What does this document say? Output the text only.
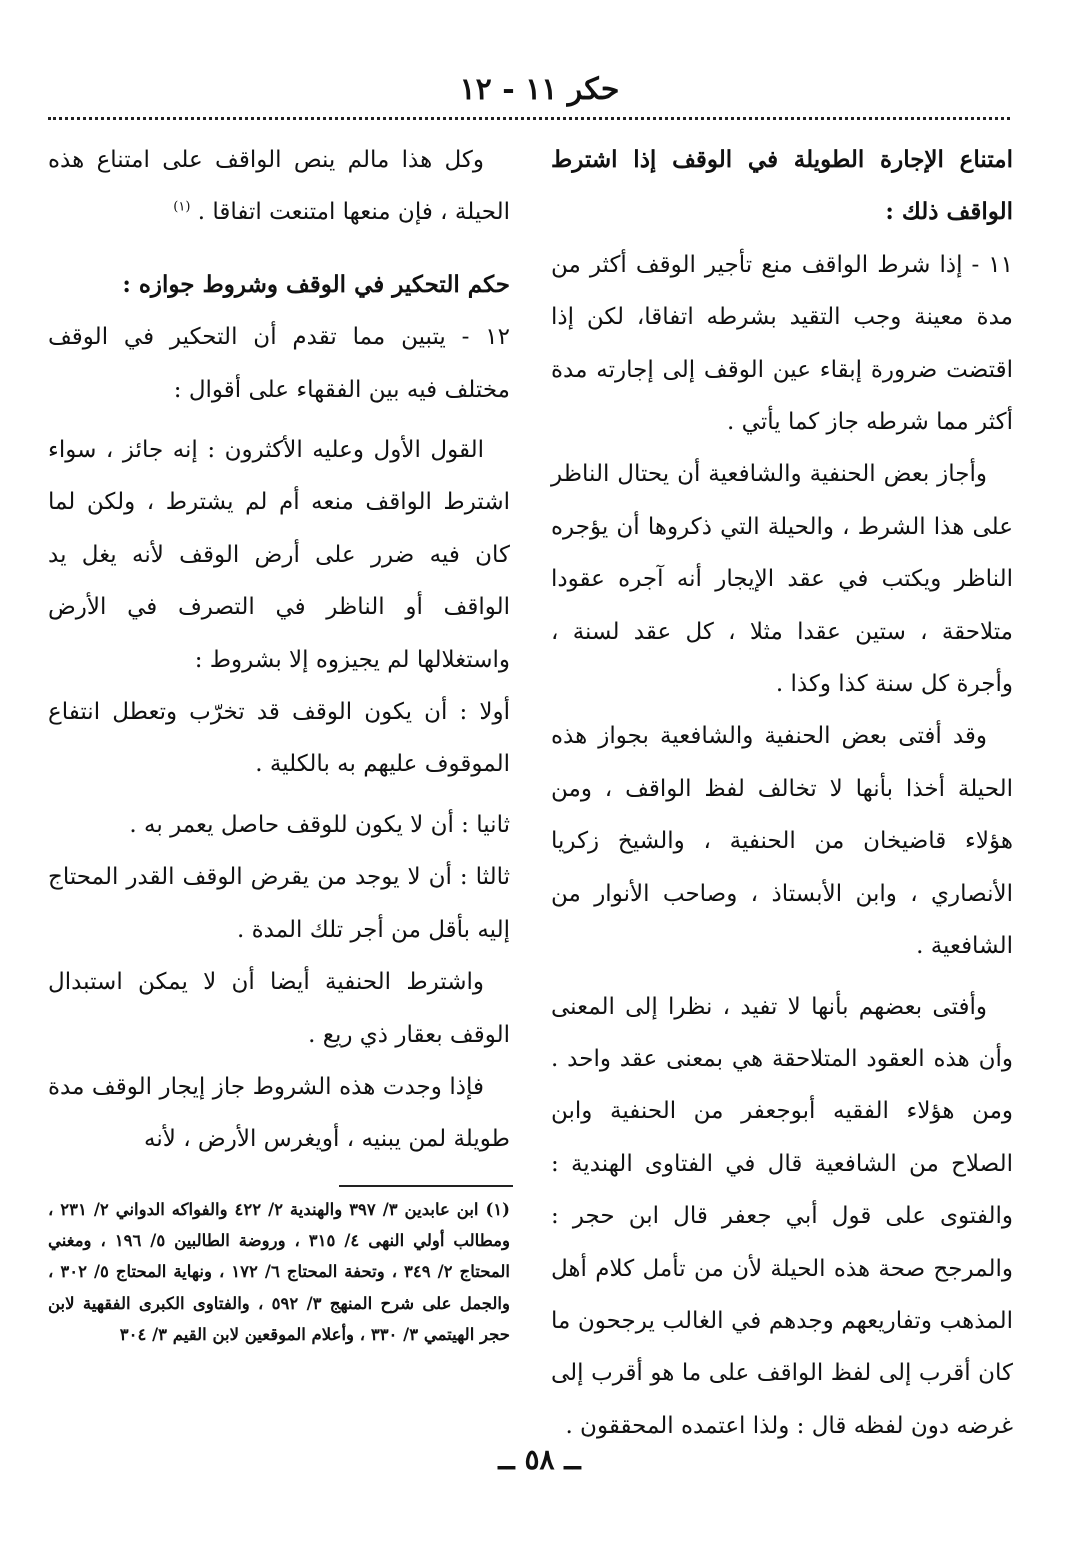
حكر ١١ - ١٢

امتناع الإجارة الطويلة في الوقف إذا اشترط الواقف ذلك :

١١ - إذا شرط الواقف منع تأجير الوقف أكثر من مدة معينة وجب التقيد بشرطه اتفاقا، لكن إذا اقتضت ضرورة إبقاء عين الوقف إلى إجارته مدة أكثر مما شرطه جاز كما يأتي .

وأجاز بعض الحنفية والشافعية أن يحتال الناظر على هذا الشرط ، والحيلة التي ذكروها أن يؤجره الناظر ويكتب في عقد الإيجار أنه آجره عقودا متلاحقة ، ستين عقدا مثلا ، كل عقد لسنة ، وأجرة كل سنة كذا وكذا .

وقد أفتى بعض الحنفية والشافعية بجواز هذه الحيلة أخذا بأنها لا تخالف لفظ الواقف ، ومن هؤلاء قاضيخان من الحنفية ، والشيخ زكريا الأنصاري ، وابن الأبستاذ ، وصاحب الأنوار من الشافعية .

وأفتى بعضهم بأنها لا تفيد ، نظرا إلى المعنى وأن هذه العقود المتلاحقة هي بمعنى عقد واحد . ومن هؤلاء الفقيه أبوجعفر من الحنفية وابن الصلاح من الشافعية قال في الفتاوى الهندية : والفتوى على قول أبي جعفر قال ابن حجر : والمرجح صحة هذه الحيلة لأن من تأمل كلام أهل المذهب وتفاريعهم وجدهم في الغالب يرجحون ما كان أقرب إلى لفظ الواقف على ما هو أقرب إلى غرضه دون لفظه قال : ولذا اعتمده المحققون .

وكل هذا مالم ينص الواقف على امتناع هذه الحيلة ، فإن منعها امتنعت اتفاقا . $^{(١)}$

حكم التحكير في الوقف وشروط جوازه :

١٢ - يتبين مما تقدم أن التحكير في الوقف مختلف فيه بين الفقهاء على أقوال :

القول الأول وعليه الأكثرون : إنه جائز ، سواء اشترط الواقف منعه أم لم يشترط ، ولكن لما كان فيه ضرر على أرض الوقف لأنه يغل يد الواقف أو الناظر في التصرف في الأرض واستغلالها لم يجيزوه إلا بشروط :

أولا : أن يكون الوقف قد تخرّب وتعطل انتفاع الموقوف عليهم به بالكلية .

ثانيا : أن لا يكون للوقف حاصل يعمر به .

ثالثا : أن لا يوجد من يقرض الوقف القدر المحتاج إليه بأقل من أجر تلك المدة .

واشترط الحنفية أيضا أن لا يمكن استبدال الوقف بعقار ذي ريع .

فإذا وجدت هذه الشروط جاز إيجار الوقف مدة طويلة لمن يبنيه ، أويغرس الأرض ، لأنه

(١) ابن عابدين ٣/ ٣٩٧ والهندية ٢/ ٤٢٢ والفواكه الدواني ٢/ ٢٣١ ، ومطالب أولي النهى ٤/ ٣١٥ ، وروضة الطالبين ٥/ ١٩٦ ، ومغني المحتاج ٢/ ٣٤٩ ، وتحفة المحتاج ٦/ ١٧٢ ، ونهاية المحتاج ٥/ ٣٠٢ ، والجمل على شرح المنهج ٣/ ٥٩٢ ، والفتاوى الكبرى الفقهية لابن حجر الهيتمي ٣/ ٣٣٠ ، وأعلام الموقعين لابن القيم ٣/ ٣٠٤
ــ ٥٨ ــ
